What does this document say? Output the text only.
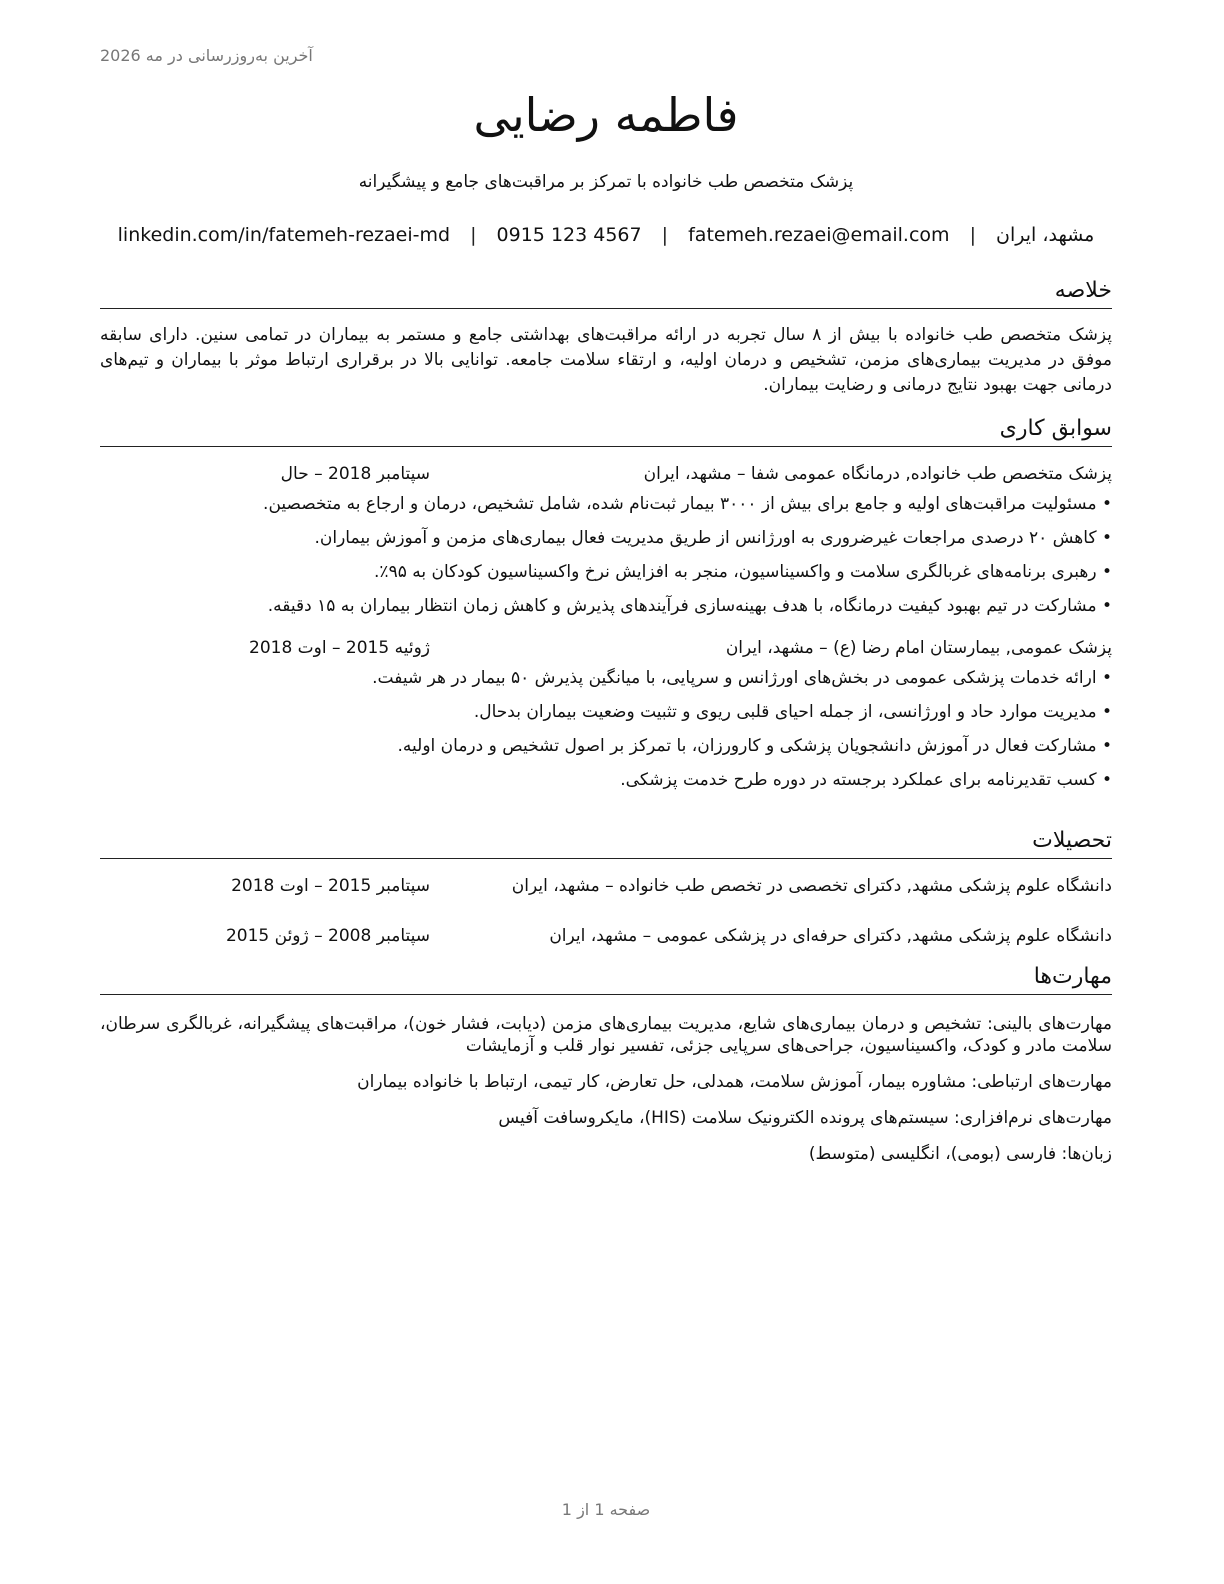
آخرین به‌روزرسانی در مه 2026
فاطمه رضایی
پزشک متخصص طب خانواده با تمرکز بر مراقبت‌های جامع و پیشگیرانه
مشهد، ایران | fatemeh.rezaei@email.com | 0915 123 4567 | linkedin.com/in/fatemeh-rezaei-md
خلاصه
پزشک متخصص طب خانواده با بیش از ۸ سال تجربه در ارائه مراقبت‌های بهداشتی جامع و مستمر به بیماران در تمامی سنین. دارای سابقه موفق در مدیریت بیماری‌های مزمن، تشخیص و درمان اولیه، و ارتقاء سلامت جامعه. توانایی بالا در برقراری ارتباط موثر با بیماران و تیم‌های درمانی جهت بهبود نتایج درمانی و رضایت بیماران.
سوابق کاری
پزشک متخصص طب خانواده, درمانگاه عمومی شفا – مشهد، ایران
سپتامبر 2018 – حال
• مسئولیت مراقبت‌های اولیه و جامع برای بیش از ۳۰۰۰ بیمار ثبت‌نام شده، شامل تشخیص، درمان و ارجاع به متخصصین.
• کاهش ۲۰ درصدی مراجعات غیرضروری به اورژانس از طریق مدیریت فعال بیماری‌های مزمن و آموزش بیماران.
• رهبری برنامه‌های غربالگری سلامت و واکسیناسیون، منجر به افزایش نرخ واکسیناسیون کودکان به ۹۵٪.
• مشارکت در تیم بهبود کیفیت درمانگاه، با هدف بهینه‌سازی فرآیندهای پذیرش و کاهش زمان انتظار بیماران به ۱۵ دقیقه.
پزشک عمومی, بیمارستان امام رضا (ع) – مشهد، ایران
ژوئیه 2015 – اوت 2018
• ارائه خدمات پزشکی عمومی در بخش‌های اورژانس و سرپایی، با میانگین پذیرش ۵۰ بیمار در هر شیفت.
• مدیریت موارد حاد و اورژانسی، از جمله احیای قلبی ریوی و تثبیت وضعیت بیماران بدحال.
• مشارکت فعال در آموزش دانشجویان پزشکی و کارورزان، با تمرکز بر اصول تشخیص و درمان اولیه.
• کسب تقدیرنامه برای عملکرد برجسته در دوره طرح خدمت پزشکی.
تحصیلات
دانشگاه علوم پزشکی مشهد, دکترای تخصصی در تخصص طب خانواده – مشهد، ایران
سپتامبر 2015 – اوت 2018
دانشگاه علوم پزشکی مشهد, دکترای حرفه‌ای در پزشکی عمومی – مشهد، ایران
سپتامبر 2008 – ژوئن 2015
مهارت‌ها
مهارت‌های بالینی: تشخیص و درمان بیماری‌های شایع، مدیریت بیماری‌های مزمن (دیابت، فشار خون)، مراقبت‌های پیشگیرانه، غربالگری سرطان، سلامت مادر و کودک، واکسیناسیون، جراحی‌های سرپایی جزئی، تفسیر نوار قلب و آزمایشات
مهارت‌های ارتباطی: مشاوره بیمار، آموزش سلامت، همدلی، حل تعارض، کار تیمی، ارتباط با خانواده بیماران
مهارت‌های نرم‌افزاری: سیستم‌های پرونده الکترونیک سلامت (HIS)، مایکروسافت آفیس
زبان‌ها: فارسی (بومی)، انگلیسی (متوسط)
صفحه 1 از 1
